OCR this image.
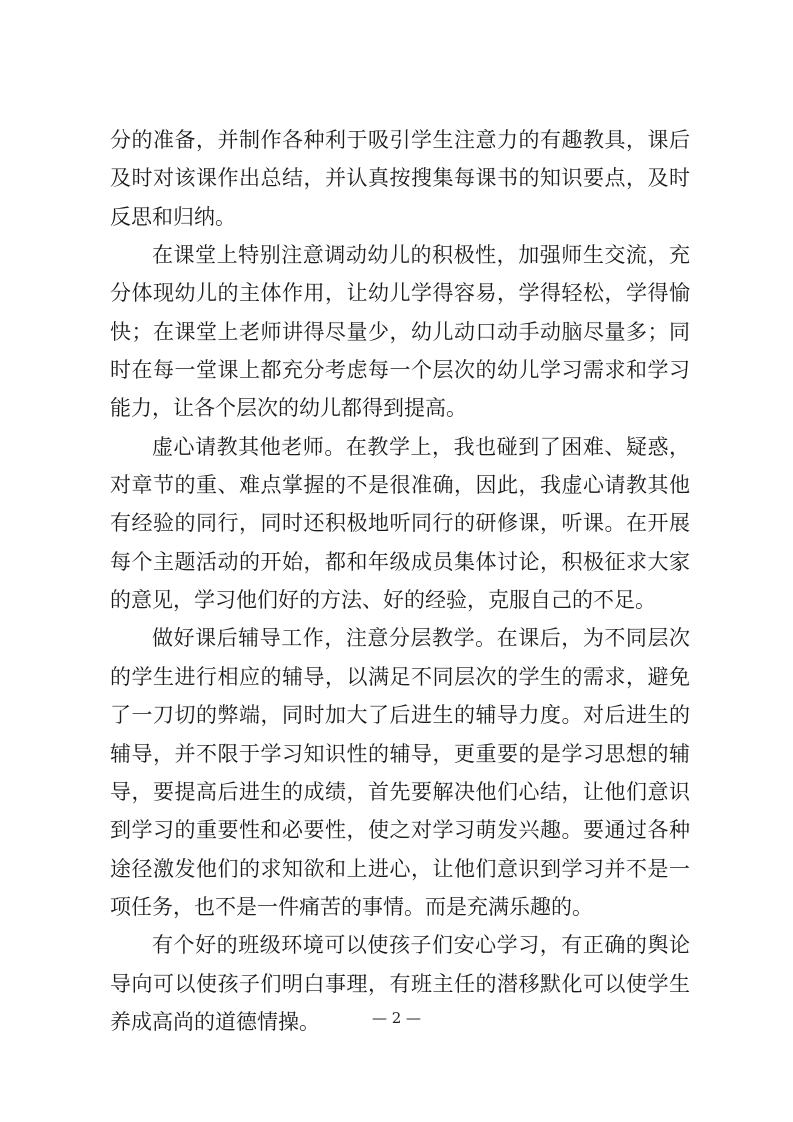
分的准备，并制作各种利于吸引学生注意力的有趣教具，课后
及时对该课作出总结，并认真按搜集每课书的知识要点，及时
反思和归纳。
在课堂上特别注意调动幼儿的积极性，加强师生交流，充
分体现幼儿的主体作用，让幼儿学得容易，学得轻松，学得愉
快；在课堂上老师讲得尽量少，幼儿动口动手动脑尽量多；同
时在每一堂课上都充分考虑每一个层次的幼儿学习需求和学习
能力，让各个层次的幼儿都得到提高。
虚心请教其他老师。在教学上，我也碰到了困难、疑惑，
对章节的重、难点掌握的不是很准确，因此，我虚心请教其他
有经验的同行，同时还积极地听同行的研修课，听课。在开展
每个主题活动的开始，都和年级成员集体讨论，积极征求大家
的意见，学习他们好的方法、好的经验，克服自己的不足。
做好课后辅导工作，注意分层教学。在课后，为不同层次
的学生进行相应的辅导，以满足不同层次的学生的需求，避免
了一刀切的弊端，同时加大了后进生的辅导力度。对后进生的
辅导，并不限于学习知识性的辅导，更重要的是学习思想的辅
导，要提高后进生的成绩，首先要解决他们心结，让他们意识
到学习的重要性和必要性，使之对学习萌发兴趣。要通过各种
途径激发他们的求知欲和上进心，让他们意识到学习并不是一
项任务，也不是一件痛苦的事情。而是充满乐趣的。
有个好的班级环境可以使孩子们安心学习，有正确的舆论
导向可以使孩子们明白事理，有班主任的潜移默化可以使学生
养成高尚的道德情操。	— 2 —
